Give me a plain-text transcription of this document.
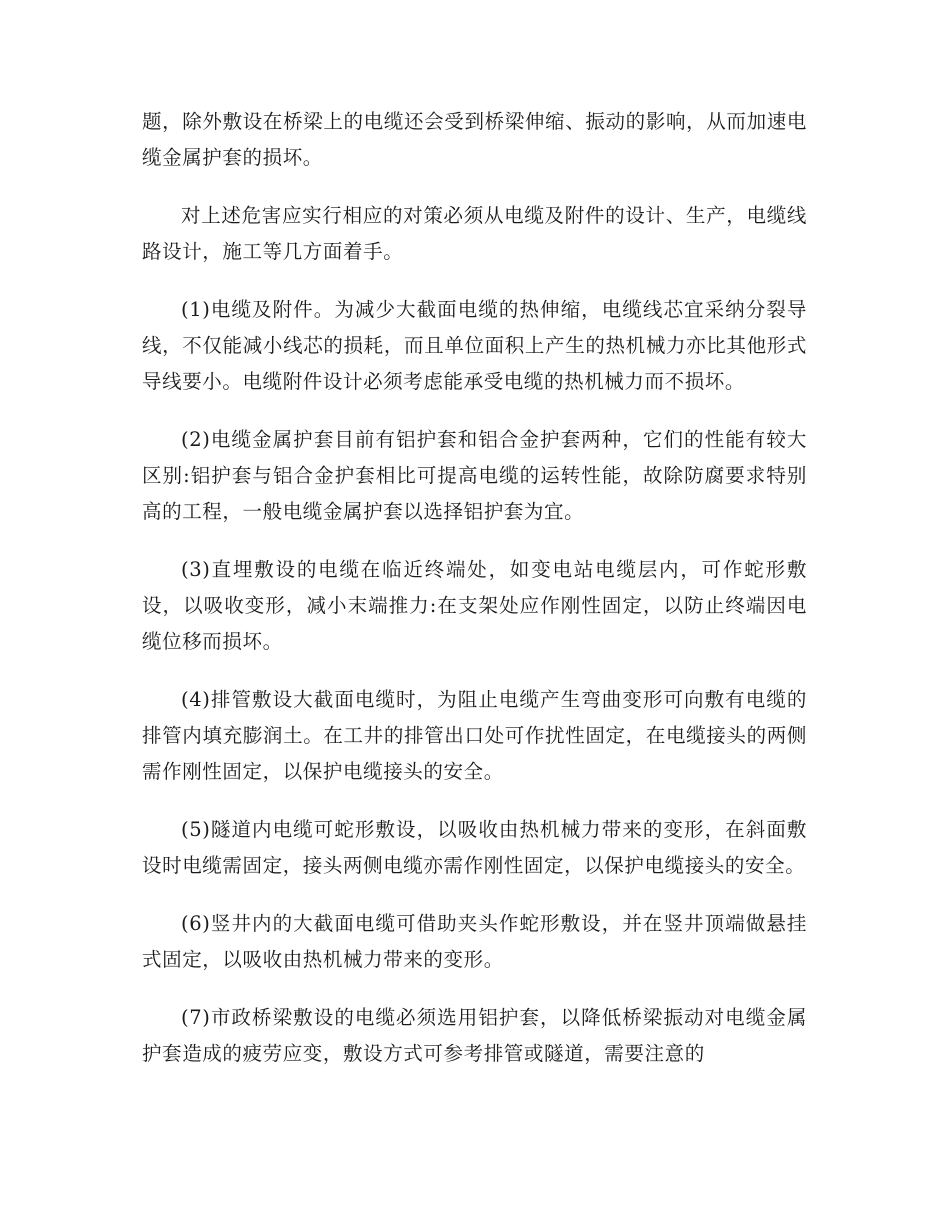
题，除外敷设在桥梁上的电缆还会受到桥梁伸缩、振动的影响，从而加速电缆金属护套的损坏。

对上述危害应实行相应的对策必须从电缆及附件的设计、生产，电缆线路设计，施工等几方面着手。

(1)电缆及附件。为减少大截面电缆的热伸缩，电缆线芯宜采纳分裂导线，不仅能减小线芯的损耗，而且单位面积上产生的热机械力亦比其他形式导线要小。电缆附件设计必须考虑能承受电缆的热机械力而不损坏。

(2)电缆金属护套目前有铝护套和铝合金护套两种，它们的性能有较大区别:铝护套与铝合金护套相比可提高电缆的运转性能，故除防腐要求特别高的工程，一般电缆金属护套以选择铝护套为宜。

(3)直埋敷设的电缆在临近终端处，如变电站电缆层内，可作蛇形敷设，以吸收变形，减小末端推力:在支架处应作刚性固定，以防止终端因电缆位移而损坏。

(4)排管敷设大截面电缆时，为阻止电缆产生弯曲变形可向敷有电缆的排管内填充膨润土。在工井的排管出口处可作扰性固定，在电缆接头的两侧需作刚性固定，以保护电缆接头的安全。

(5)隧道内电缆可蛇形敷设，以吸收由热机械力带来的变形，在斜面敷设时电缆需固定，接头两侧电缆亦需作刚性固定，以保护电缆接头的安全。

(6)竖井内的大截面电缆可借助夹头作蛇形敷设，并在竖井顶端做悬挂式固定，以吸收由热机械力带来的变形。

(7)市政桥梁敷设的电缆必须选用铝护套，以降低桥梁振动对电缆金属护套造成的疲劳应变，敷设方式可参考排管或隧道，需要注意的
